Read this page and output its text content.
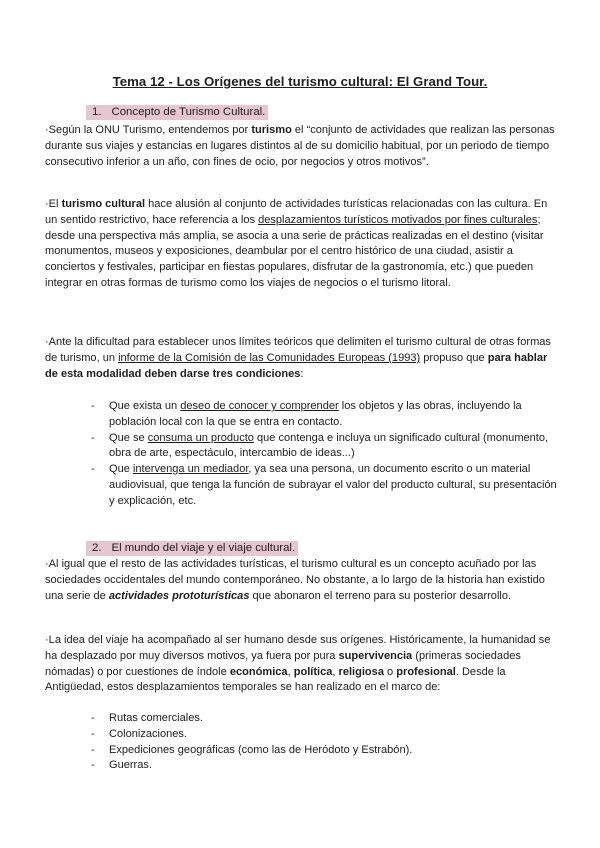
Tema 12 - Los Orígenes del turismo cultural: El Grand Tour.
1. Concepto de Turismo Cultural.
·Según la ONU Turismo, entendemos por turismo el “conjunto de actividades que realizan las personas durante sus viajes y estancias en lugares distintos al de su domicilio habitual, por un periodo de tiempo consecutivo inferior a un año, con fines de ocio, por negocios y otros motivos”.
·El turismo cultural hace alusión al conjunto de actividades turísticas relacionadas con las cultura. En un sentido restrictivo, hace referencia a los desplazamientos turísticos motivados por fines culturales; desde una perspectiva más amplia, se asocia a una serie de prácticas realizadas en el destino (visitar monumentos, museos y exposiciones, deambular por el centro histórico de una ciudad, asistir a conciertos y festivales, participar en fiestas populares, disfrutar de la gastronomía, etc.) que pueden integrar en otras formas de turismo como los viajes de negocios o el turismo litoral.
·Ante la dificultad para establecer unos límites teóricos que delimiten el turismo cultural de otras formas de turismo, un informe de la Comisión de las Comunidades Europeas (1993) propuso que para hablar de esta modalidad deben darse tres condiciones:
- Que exista un deseo de conocer y comprender los objetos y las obras, incluyendo la población local con la que se entra en contacto.
- Que se consuma un producto que contenga e incluya un significado cultural (monumento, obra de arte, espectáculo, intercambio de ideas...)
- Que intervenga un mediador, ya sea una persona, un documento escrito o un material audiovisual, que tenga la función de subrayar el valor del producto cultural, su presentación y explicación, etc.
2. El mundo del viaje y el viaje cultural.
·Al igual que el resto de las actividades turísticas, el turismo cultural es un concepto acuñado por las sociedades occidentales del mundo contemporáneo. No obstante, a lo largo de la historia han existido una serie de actividades prototurísticas que abonaron el terreno para su posterior desarrollo.
·La idea del viaje ha acompañado al ser humano desde sus orígenes. Históricamente, la humanidad se ha desplazado por muy diversos motivos, ya fuera por pura supervivencia (primeras sociedades nómadas) o por cuestiones de índole económica, política, religiosa o profesional. Desde la Antigüedad, estos desplazamientos temporales se han realizado en el marco de:
- Rutas comerciales.
- Colonizaciones.
- Expediciones geográficas (como las de Heródoto y Estrabón).
- Guerras.
